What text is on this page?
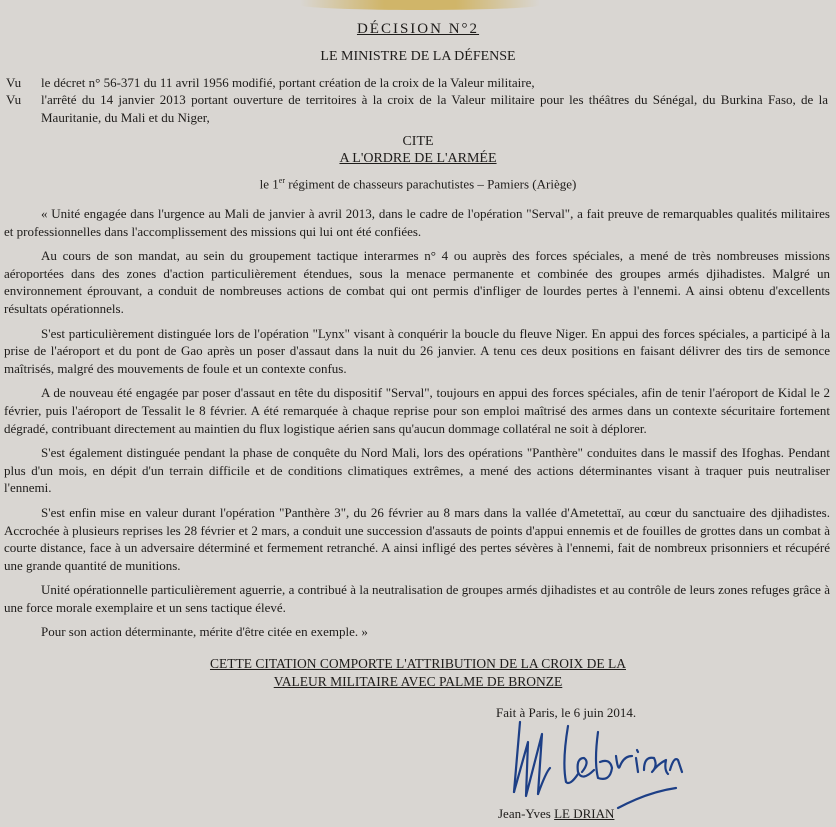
DÉCISION N°2
LE MINISTRE DE LA DÉFENSE
Vu le décret n° 56-371 du 11 avril 1956 modifié, portant création de la croix de la Valeur militaire,
Vu l'arrêté du 14 janvier 2013 portant ouverture de territoires à la croix de la Valeur militaire pour les théâtres du Sénégal, du Burkina Faso, de la Mauritanie, du Mali et du Niger,
CITE
A L'ORDRE DE L'ARMÉE
le 1er régiment de chasseurs parachutistes – Pamiers (Ariège)

« Unité engagée dans l'urgence au Mali de janvier à avril 2013, dans le cadre de l'opération "Serval", a fait preuve de remarquables qualités militaires et professionnelles dans l'accomplissement des missions qui lui ont été confiées.

Au cours de son mandat, au sein du groupement tactique interarmes n° 4 ou auprès des forces spéciales, a mené de très nombreuses missions aéroportées dans des zones d'action particulièrement étendues, sous la menace permanente et combinée des groupes armés djihadistes. Malgré un environnement éprouvant, a conduit de nombreuses actions de combat qui ont permis d'infliger de lourdes pertes à l'ennemi. A ainsi obtenu d'excellents résultats opérationnels.

S'est particulièrement distinguée lors de l'opération "Lynx" visant à conquérir la boucle du fleuve Niger. En appui des forces spéciales, a participé à la prise de l'aéroport et du pont de Gao après un poser d'assaut dans la nuit du 26 janvier. A tenu ces deux positions en faisant délivrer des tirs de semonce maîtrisés, malgré des mouvements de foule et un contexte confus.

A de nouveau été engagée par poser d'assaut en tête du dispositif "Serval", toujours en appui des forces spéciales, afin de tenir l'aéroport de Kidal le 2 février, puis l'aéroport de Tessalit le 8 février. A été remarquée à chaque reprise pour son emploi maîtrisé des armes dans un contexte sécuritaire fortement dégradé, contribuant directement au maintien du flux logistique aérien sans qu'aucun dommage collatéral ne soit à déplorer.

S'est également distinguée pendant la phase de conquête du Nord Mali, lors des opérations "Panthère" conduites dans le massif des Ifoghas. Pendant plus d'un mois, en dépit d'un terrain difficile et de conditions climatiques extrêmes, a mené des actions déterminantes visant à traquer puis neutraliser l'ennemi.

S'est enfin mise en valeur durant l'opération "Panthère 3", du 26 février au 8 mars dans la vallée d'Ametettaï, au cœur du sanctuaire des djihadistes. Accrochée à plusieurs reprises les 28 février et 2 mars, a conduit une succession d'assauts de points d'appui ennemis et de fouilles de grottes dans un combat à courte distance, face à un adversaire déterminé et fermement retranché. A ainsi infligé des pertes sévères à l'ennemi, fait de nombreux prisonniers et récupéré une grande quantité de munitions.

Unité opérationnelle particulièrement aguerrie, a contribué à la neutralisation de groupes armés djihadistes et au contrôle de leurs zones refuges grâce à une force morale exemplaire et un sens tactique élevé.

Pour son action déterminante, mérite d'être citée en exemple. »

CETTE CITATION COMPORTE L'ATTRIBUTION DE LA CROIX DE LA
VALEUR MILITAIRE AVEC PALME DE BRONZE
Fait à Paris, le 6 juin 2014.
Jean-Yves LE DRIAN
